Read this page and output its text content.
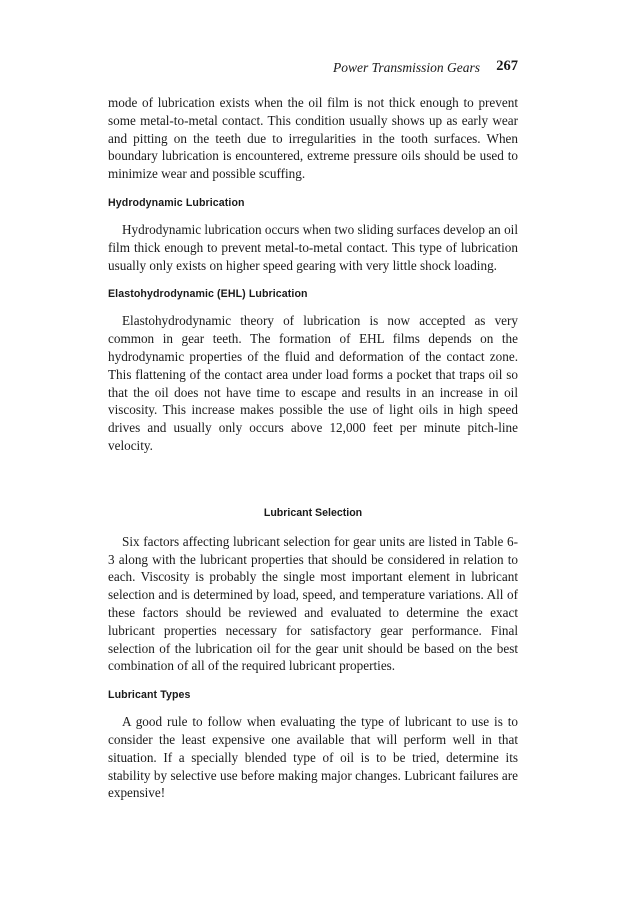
Power Transmission Gears 267

mode of lubrication exists when the oil film is not thick enough to prevent some metal-to-metal contact. This condition usually shows up as early wear and pitting on the teeth due to irregularities in the tooth surfaces. When boundary lubrication is encountered, extreme pressure oils should be used to minimize wear and possible scuffing.

Hydrodynamic Lubrication

Hydrodynamic lubrication occurs when two sliding surfaces develop an oil film thick enough to prevent metal-to-metal contact. This type of lubrication usually only exists on higher speed gearing with very little shock loading.

Elastohydrodynamic (EHL) Lubrication

Elastohydrodynamic theory of lubrication is now accepted as very common in gear teeth. The formation of EHL films depends on the hydrodynamic properties of the fluid and deformation of the contact zone. This flattening of the contact area under load forms a pocket that traps oil so that the oil does not have time to escape and results in an increase in oil viscosity. This increase makes possible the use of light oils in high speed drives and usually only occurs above 12,000 feet per minute pitch-line velocity.

Lubricant Selection

Six factors affecting lubricant selection for gear units are listed in Table 6-3 along with the lubricant properties that should be considered in relation to each. Viscosity is probably the single most important element in lubricant selection and is determined by load, speed, and temperature variations. All of these factors should be reviewed and evaluated to determine the exact lubricant properties necessary for satisfactory gear performance. Final selection of the lubrication oil for the gear unit should be based on the best combination of all of the required lubricant properties.

Lubricant Types

A good rule to follow when evaluating the type of lubricant to use is to consider the least expensive one available that will perform well in that situation. If a specially blended type of oil is to be tried, determine its stability by selective use before making major changes. Lubricant failures are expensive!
